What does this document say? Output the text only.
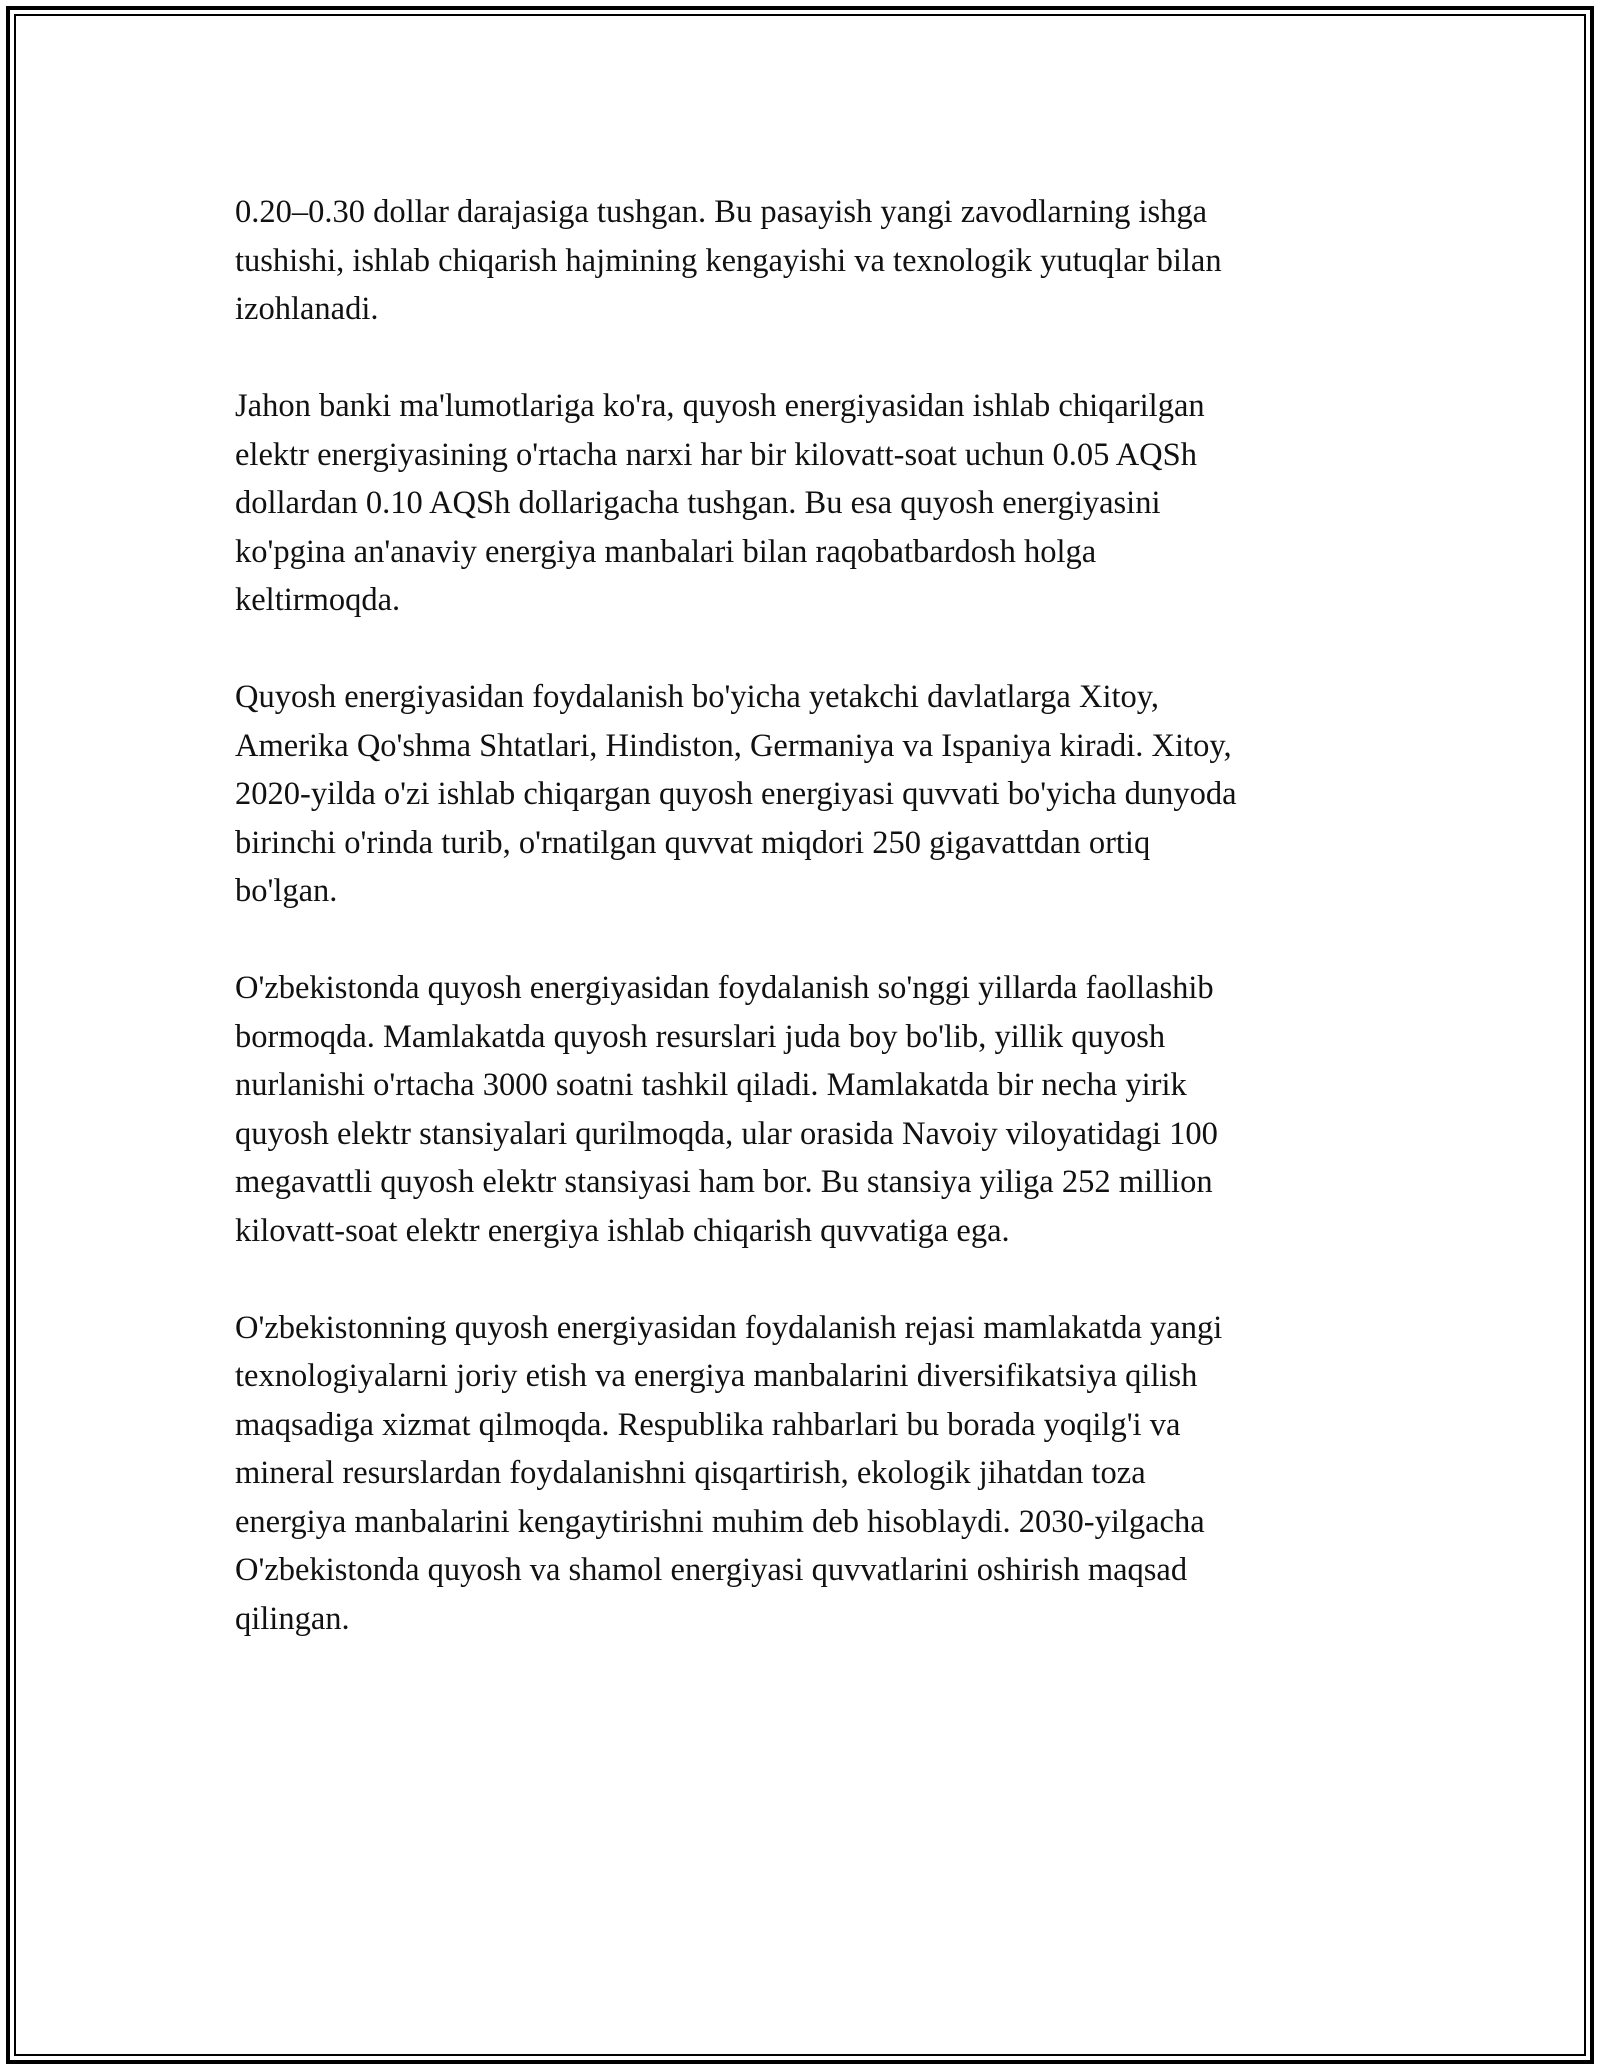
0.20–0.30 dollar darajasiga tushgan. Bu pasayish yangi zavodlarning ishga
tushishi, ishlab chiqarish hajmining kengayishi va texnologik yutuqlar bilan
izohlanadi.

Jahon banki ma'lumotlariga ko'ra, quyosh energiyasidan ishlab chiqarilgan
elektr energiyasining o'rtacha narxi har bir kilovatt-soat uchun 0.05 AQSh
dollardan 0.10 AQSh dollarigacha tushgan. Bu esa quyosh energiyasini
ko'pgina an'anaviy energiya manbalari bilan raqobatbardosh holga
keltirmoqda.

Quyosh energiyasidan foydalanish bo'yicha yetakchi davlatlarga Xitoy,
Amerika Qo'shma Shtatlari, Hindiston, Germaniya va Ispaniya kiradi. Xitoy,
2020-yilda o'zi ishlab chiqargan quyosh energiyasi quvvati bo'yicha dunyoda
birinchi o'rinda turib, o'rnatilgan quvvat miqdori 250 gigavattdan ortiq
bo'lgan.

O'zbekistonda quyosh energiyasidan foydalanish so'nggi yillarda faollashib
bormoqda. Mamlakatda quyosh resurslari juda boy bo'lib, yillik quyosh
nurlanishi o'rtacha 3000 soatni tashkil qiladi. Mamlakatda bir necha yirik
quyosh elektr stansiyalari qurilmoqda, ular orasida Navoiy viloyatidagi 100
megavattli quyosh elektr stansiyasi ham bor. Bu stansiya yiliga 252 million
kilovatt-soat elektr energiya ishlab chiqarish quvvatiga ega.

O'zbekistonning quyosh energiyasidan foydalanish rejasi mamlakatda yangi
texnologiyalarni joriy etish va energiya manbalarini diversifikatsiya qilish
maqsadiga xizmat qilmoqda. Respublika rahbarlari bu borada yoqilg'i va
mineral resurslardan foydalanishni qisqartirish, ekologik jihatdan toza
energiya manbalarini kengaytirishni muhim deb hisoblaydi. 2030-yilgacha
O'zbekistonda quyosh va shamol energiyasi quvvatlarini oshirish maqsad
qilingan.
